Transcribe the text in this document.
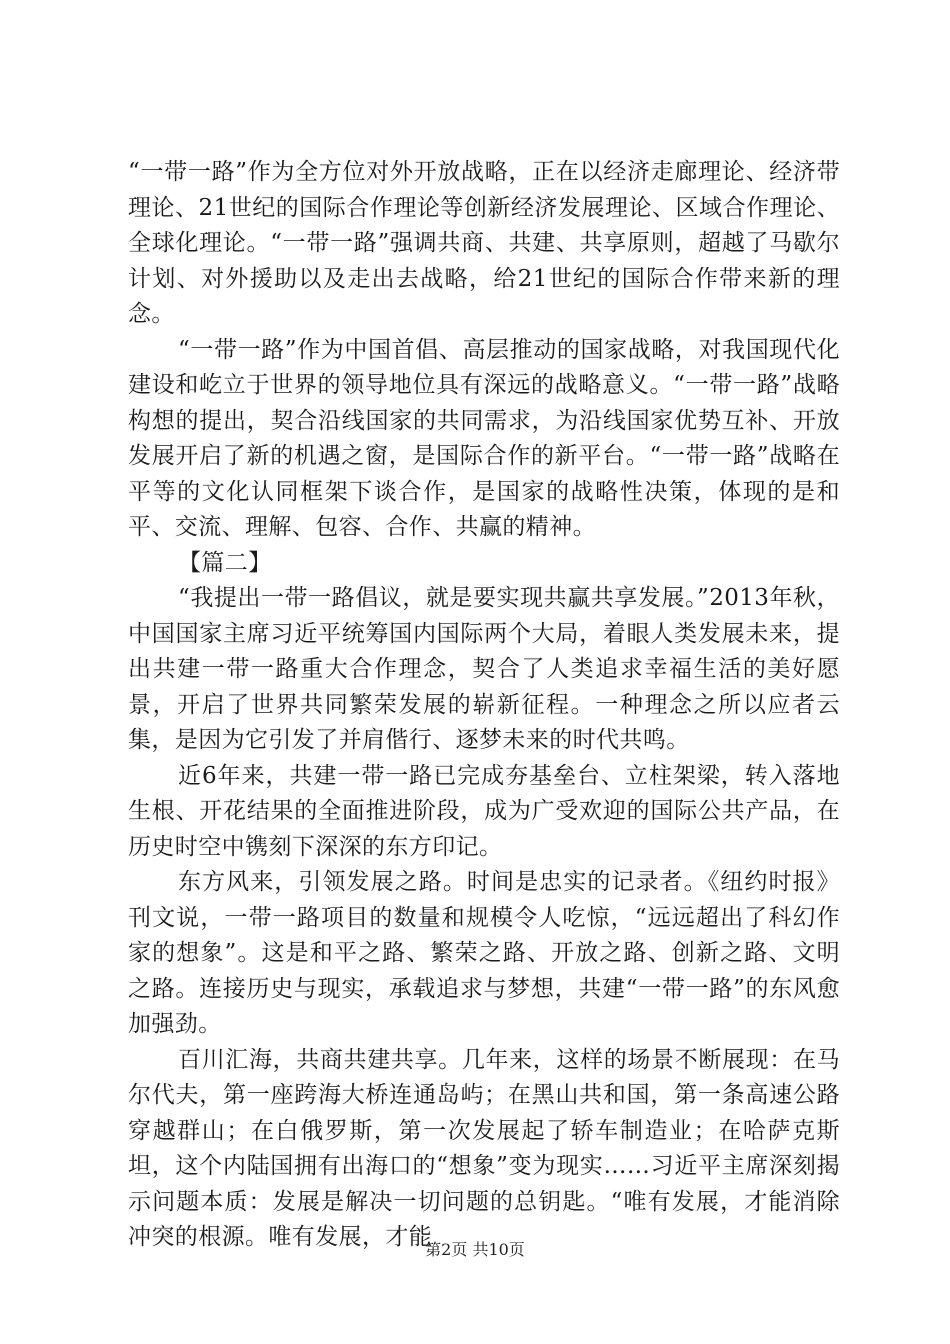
“一带一路”作为全方位对外开放战略，正在以经济走廊理论、经济带理论、21世纪的国际合作理论等创新经济发展理论、区域合作理论、全球化理论。“一带一路”强调共商、共建、共享原则，超越了马歇尔计划、对外援助以及走出去战略，给21世纪的国际合作带来新的理念。

“一带一路”作为中国首倡、高层推动的国家战略，对我国现代化建设和屹立于世界的领导地位具有深远的战略意义。“一带一路”战略构想的提出，契合沿线国家的共同需求，为沿线国家优势互补、开放发展开启了新的机遇之窗，是国际合作的新平台。“一带一路”战略在平等的文化认同框架下谈合作，是国家的战略性决策，体现的是和平、交流、理解、包容、合作、共赢的精神。

【篇二】

“我提出一带一路倡议，就是要实现共赢共享发展。”2013年秋，中国国家主席习近平统筹国内国际两个大局，着眼人类发展未来，提出共建一带一路重大合作理念，契合了人类追求幸福生活的美好愿景，开启了世界共同繁荣发展的崭新征程。一种理念之所以应者云集，是因为它引发了并肩偕行、逐梦未来的时代共鸣。

近6年来，共建一带一路已完成夯基垒台、立柱架梁，转入落地生根、开花结果的全面推进阶段，成为广受欢迎的国际公共产品，在历史时空中镌刻下深深的东方印记。

东方风来，引领发展之路。时间是忠实的记录者。《纽约时报》刊文说，一带一路项目的数量和规模令人吃惊，“远远超出了科幻作家的想象”。这是和平之路、繁荣之路、开放之路、创新之路、文明之路。连接历史与现实，承载追求与梦想，共建“一带一路”的东风愈加强劲。

百川汇海，共商共建共享。几年来，这样的场景不断展现：在马尔代夫，第一座跨海大桥连通岛屿；在黑山共和国，第一条高速公路穿越群山；在白俄罗斯，第一次发展起了轿车制造业；在哈萨克斯坦，这个内陆国拥有出海口的“想象”变为现实……习近平主席深刻揭示问题本质：发展是解决一切问题的总钥匙。“唯有发展，才能消除冲突的根源。唯有发展，才能

第2页 共10页
